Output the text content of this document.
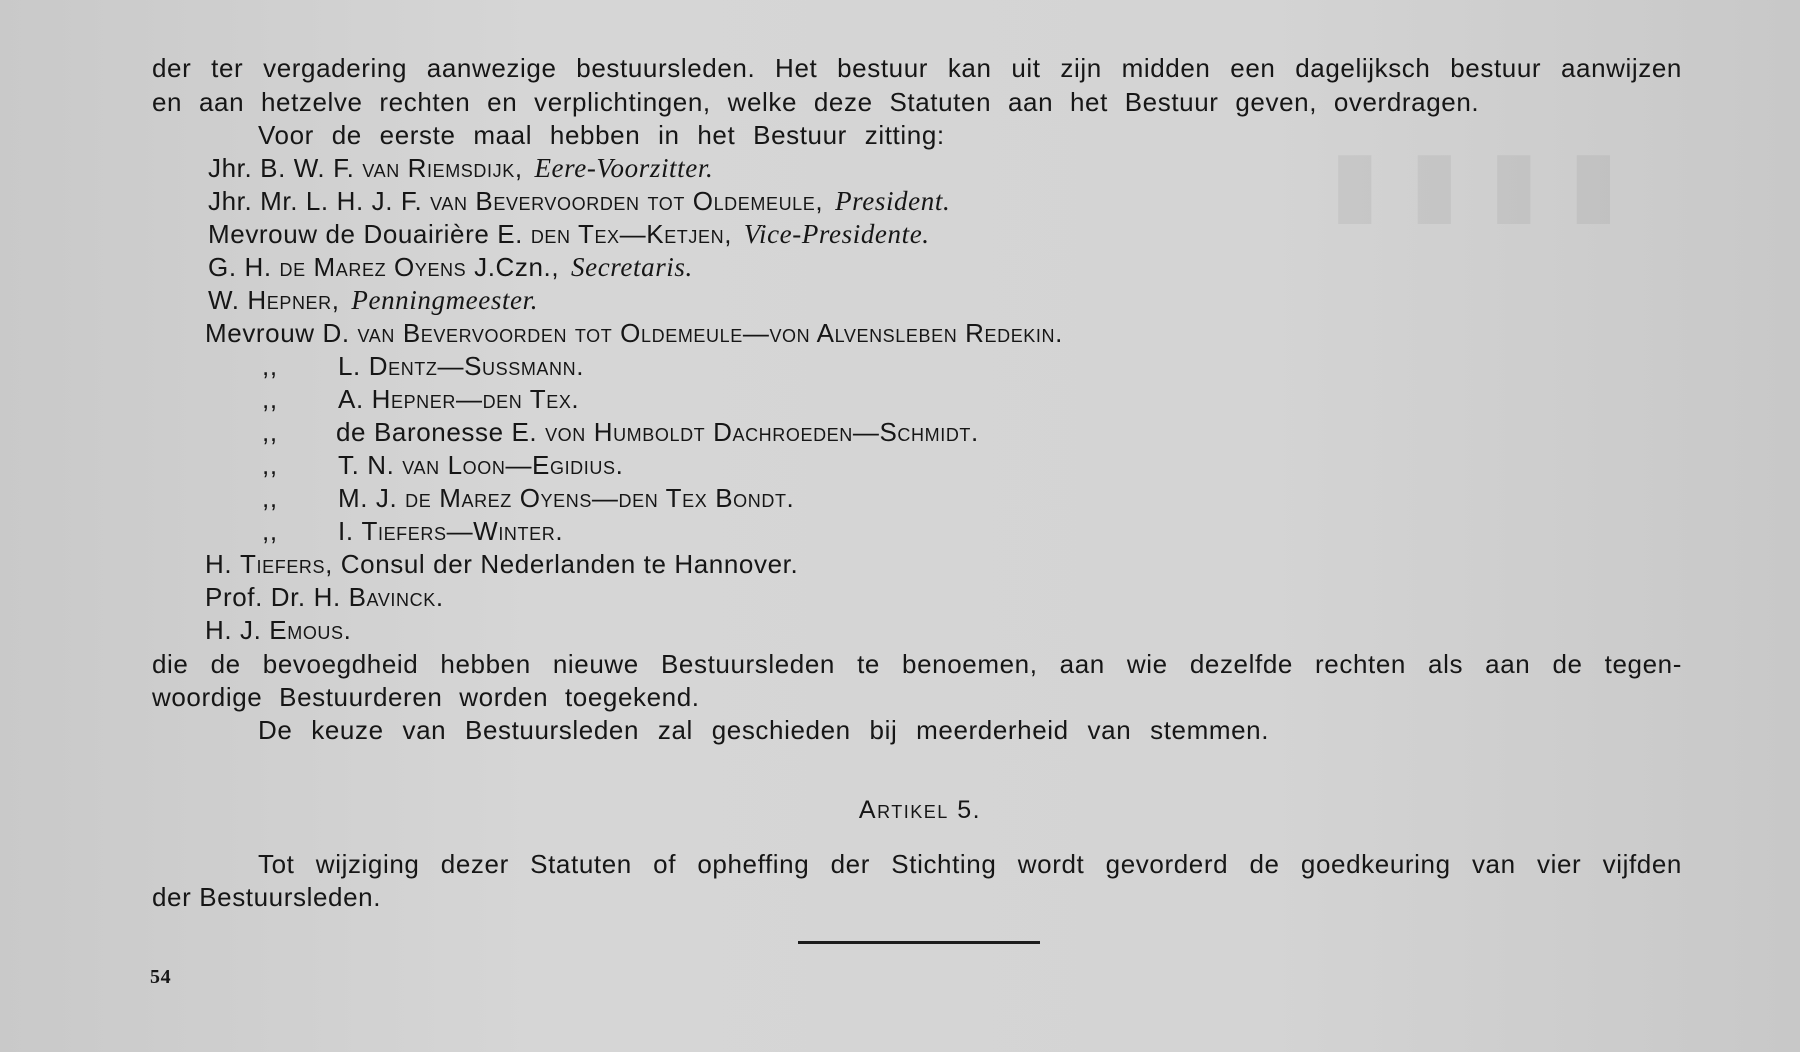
▮▮▮▮
der ter vergadering aanwezige bestuursleden. Het bestuur kan uit zijn midden een dagelijksch bestuur aanwijzen
en aan hetzelve rechten en verplichtingen, welke deze Statuten aan het Bestuur geven, overdragen.
Voor de eerste maal hebben in het Bestuur zitting:
Jhr. B. W. F. van Riemsdijk, Eere-Voorzitter.
Jhr. Mr. L. H. J. F. van Bevervoorden tot Oldemeule, President.
Mevrouw de Douairière E. den Tex—Ketjen, Vice-Presidente.
G. H. de Marez Oyens J.Czn., Secretaris.
W. Hepner, Penningmeester.
Mevrouw D. van Bevervoorden tot Oldemeule—von Alvensleben Redekin.
,, L. Dentz—Sussmann.
,, A. Hepner—den Tex.
,, de Baronesse E. von Humboldt Dachroeden—Schmidt.
,, T. N. van Loon—Egidius.
,, M. J. de Marez Oyens—den Tex Bondt.
,, I. Tiefers—Winter.
H. Tiefers, Consul der Nederlanden te Hannover.
Prof. Dr. H. Bavinck.
H. J. Emous.
die de bevoegdheid hebben nieuwe Bestuursleden te benoemen, aan wie dezelfde rechten als aan de tegen-
woordige Bestuurderen worden toegekend.
De keuze van Bestuursleden zal geschieden bij meerderheid van stemmen.
Artikel 5.
Tot wijziging dezer Statuten of opheffing der Stichting wordt gevorderd de goedkeuring van vier vijfden
der Bestuursleden.
54
